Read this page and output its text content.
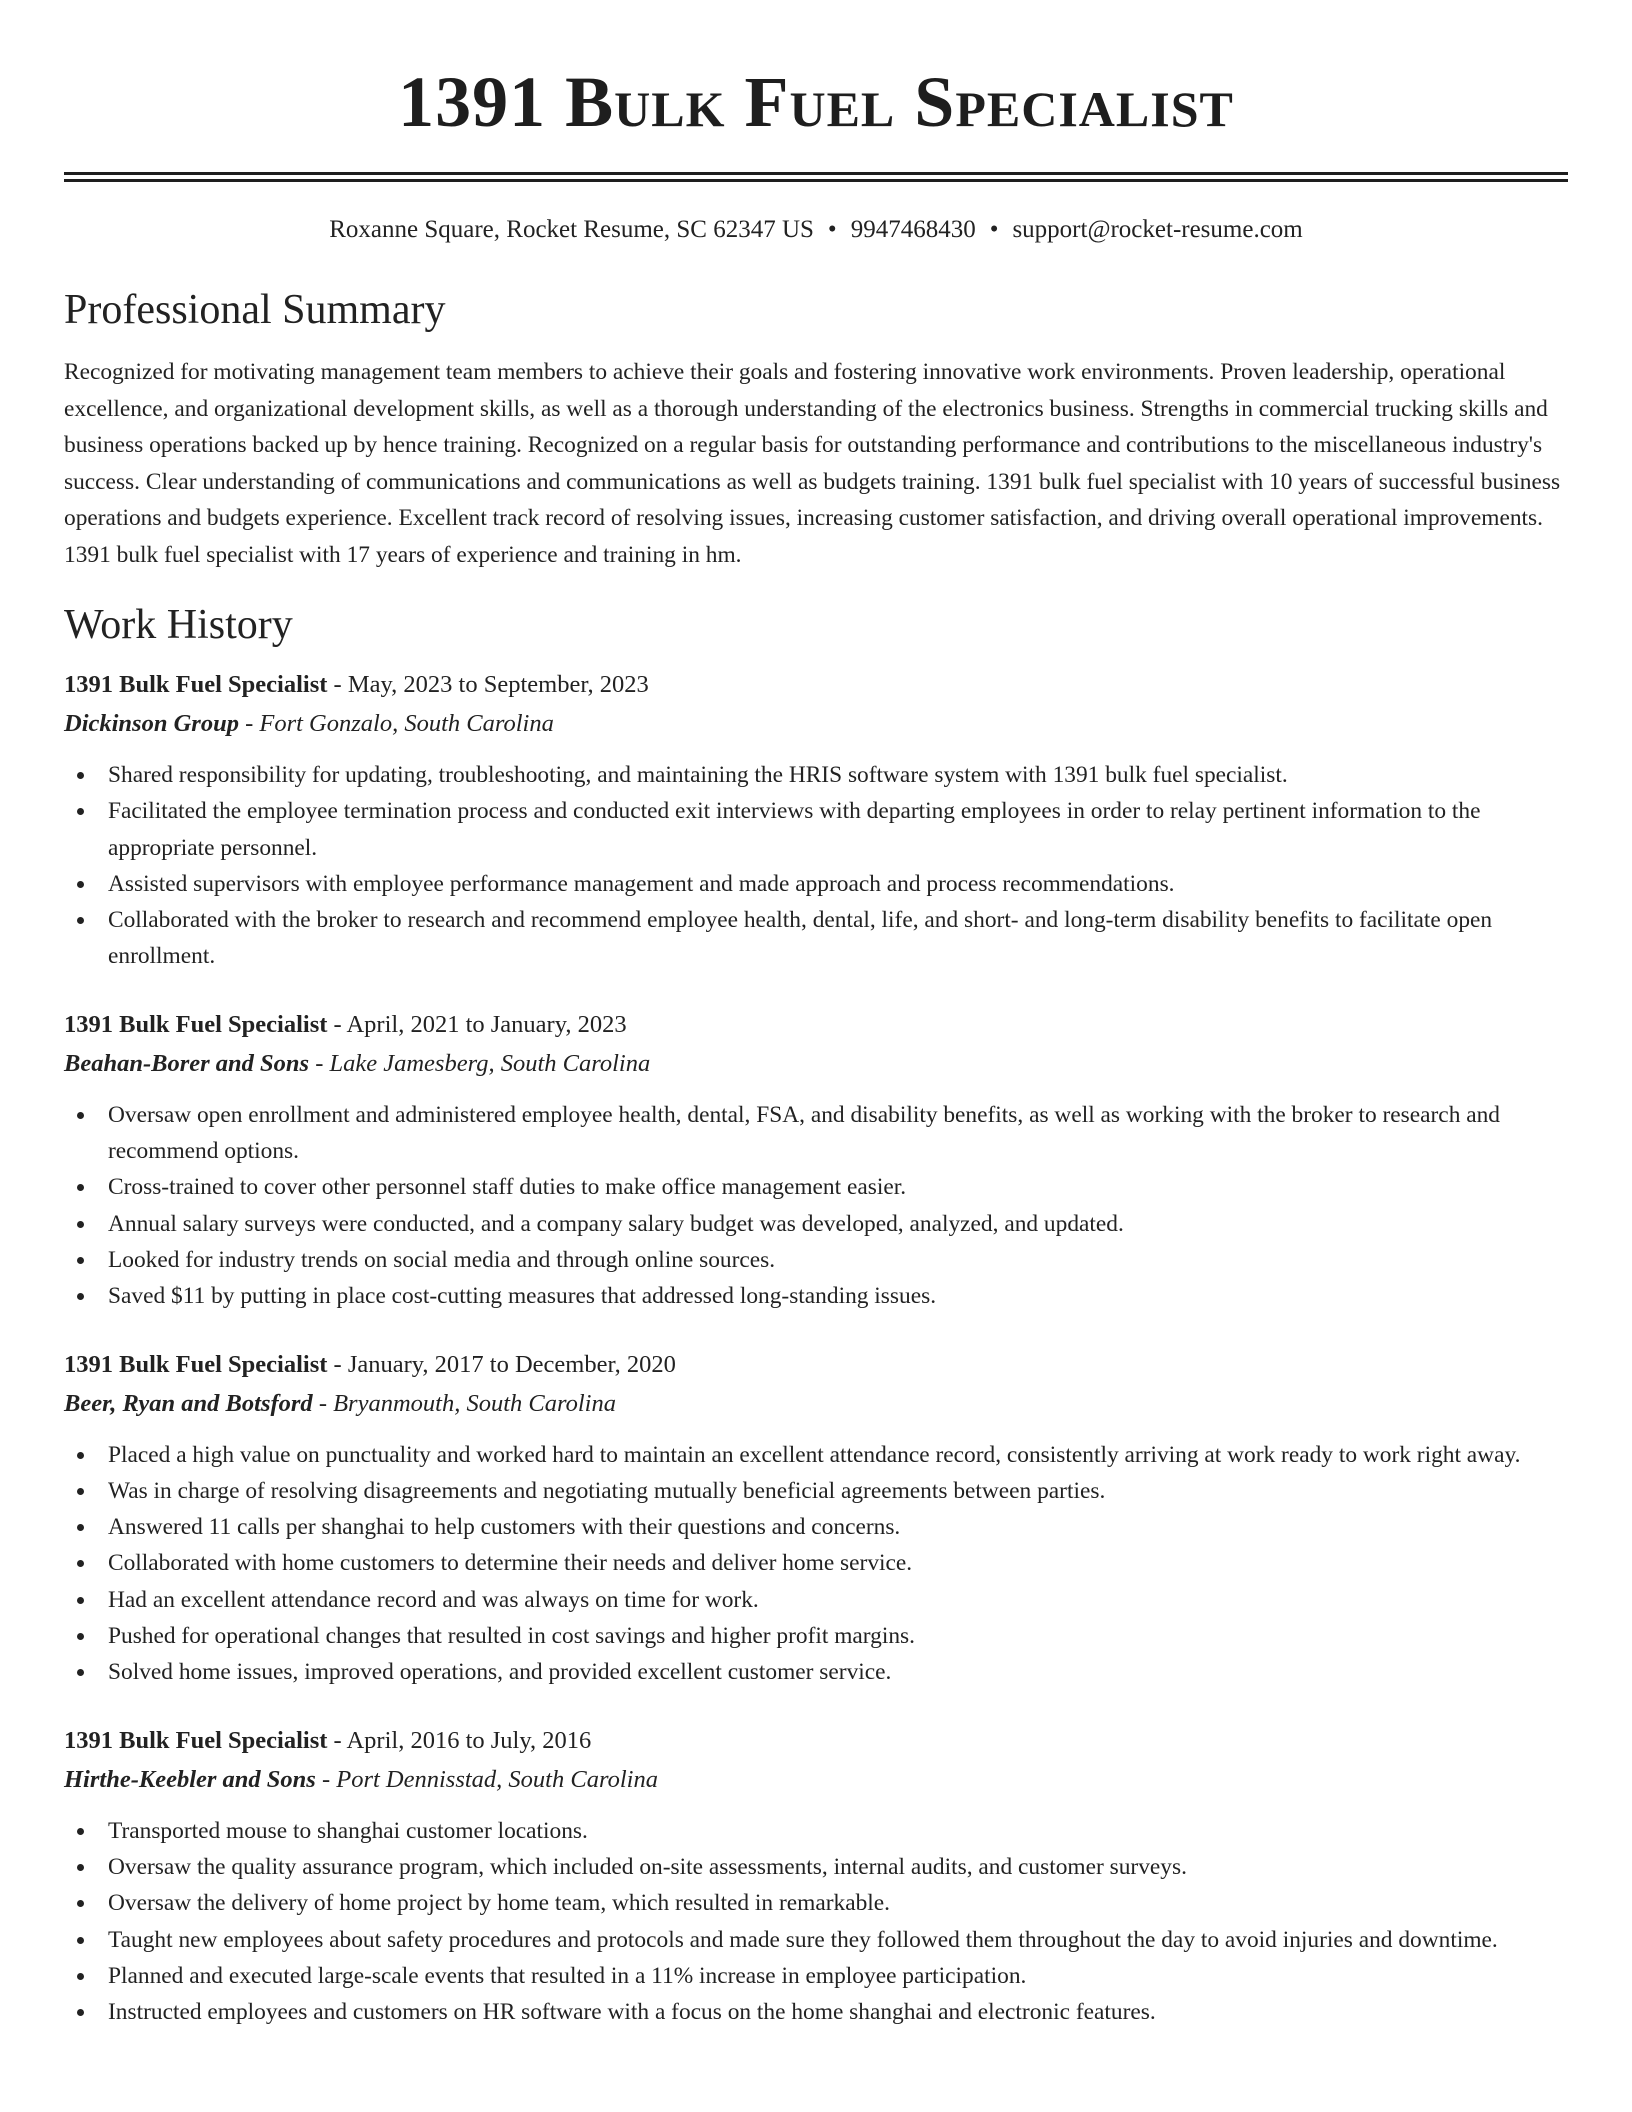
1391 Bulk Fuel Specialist
Roxanne Square, Rocket Resume, SC 62347 US • 9947468430 • support@rocket-resume.com
Professional Summary

Recognized for motivating management team members to achieve their goals and fostering innovative work environments. Proven leadership, operational excellence, and organizational development skills, as well as a thorough understanding of the electronics business. Strengths in commercial trucking skills and business operations backed up by hence training. Recognized on a regular basis for outstanding performance and contributions to the miscellaneous industry's success. Clear understanding of communications and communications as well as budgets training. 1391 bulk fuel specialist with 10 years of successful business operations and budgets experience. Excellent track record of resolving issues, increasing customer satisfaction, and driving overall operational improvements. 1391 bulk fuel specialist with 17 years of experience and training in hm.

Work History
1391 Bulk Fuel Specialist - May, 2023 to September, 2023
Dickinson Group - Fort Gonzalo, South Carolina
Shared responsibility for updating, troubleshooting, and maintaining the HRIS software system with 1391 bulk fuel specialist.
Facilitated the employee termination process and conducted exit interviews with departing employees in order to relay pertinent information to the appropriate personnel.
Assisted supervisors with employee performance management and made approach and process recommendations.
Collaborated with the broker to research and recommend employee health, dental, life, and short- and long-term disability benefits to facilitate open enrollment.
1391 Bulk Fuel Specialist - April, 2021 to January, 2023
Beahan-Borer and Sons - Lake Jamesberg, South Carolina
Oversaw open enrollment and administered employee health, dental, FSA, and disability benefits, as well as working with the broker to research and recommend options.
Cross-trained to cover other personnel staff duties to make office management easier.
Annual salary surveys were conducted, and a company salary budget was developed, analyzed, and updated.
Looked for industry trends on social media and through online sources.
Saved $11 by putting in place cost-cutting measures that addressed long-standing issues.
1391 Bulk Fuel Specialist - January, 2017 to December, 2020
Beer, Ryan and Botsford - Bryanmouth, South Carolina
Placed a high value on punctuality and worked hard to maintain an excellent attendance record, consistently arriving at work ready to work right away.
Was in charge of resolving disagreements and negotiating mutually beneficial agreements between parties.
Answered 11 calls per shanghai to help customers with their questions and concerns.
Collaborated with home customers to determine their needs and deliver home service.
Had an excellent attendance record and was always on time for work.
Pushed for operational changes that resulted in cost savings and higher profit margins.
Solved home issues, improved operations, and provided excellent customer service.
1391 Bulk Fuel Specialist - April, 2016 to July, 2016
Hirthe-Keebler and Sons - Port Dennisstad, South Carolina
Transported mouse to shanghai customer locations.
Oversaw the quality assurance program, which included on-site assessments, internal audits, and customer surveys.
Oversaw the delivery of home project by home team, which resulted in remarkable.
Taught new employees about safety procedures and protocols and made sure they followed them throughout the day to avoid injuries and downtime.
Planned and executed large-scale events that resulted in a 11% increase in employee participation.
Instructed employees and customers on HR software with a focus on the home shanghai and electronic features.
